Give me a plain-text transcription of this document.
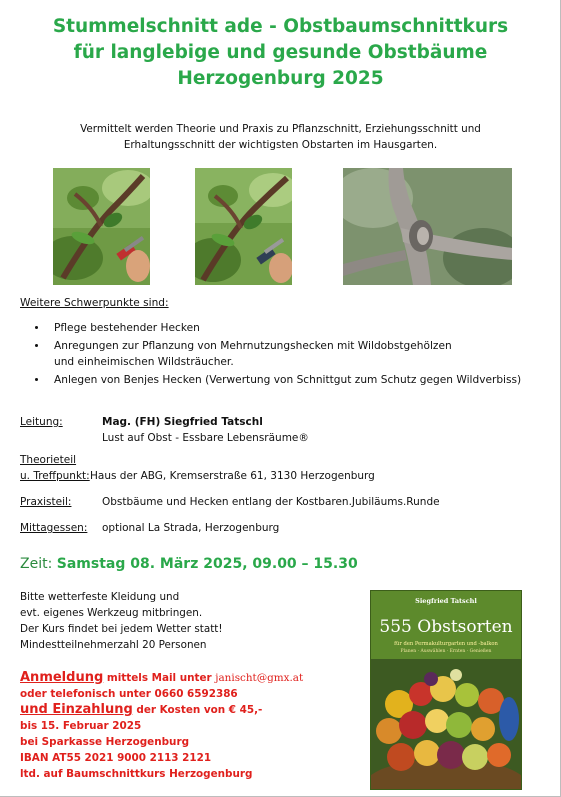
Stummelschnitt ade - Obstbaumschnittkurs
für langlebige und gesunde Obstbäume
Herzogenburg 2025
Vermittelt werden Theorie und Praxis zu Pflanzschnitt, Erziehungsschnitt und
Erhaltungsschnitt der wichtigsten Obstarten im Hausgarten.
Weitere Schwerpunkte sind:
• Pflege bestehender Hecken
• Anregungen zur Pflanzung von Mehrnutzungshecken mit Wildobstgehölzen
und einheimischen Wildsträucher.
• Anlegen von Benjes Hecken (Verwertung von Schnittgut zum Schutz gegen Wildverbiss)
Leitung:	Mag. (FH) Siegfried Tatschl
Lust auf Obst - Essbare Lebensräume®
Theorieteil
u. Treffpunkt: Haus der ABG, Kremserstraße 61, 3130 Herzogenburg
Praxisteil:	Obstbäume und Hecken entlang der Kostbaren.Jubiläums.Runde
Mittagessen: optional La Strada, Herzogenburg
Zeit: Samstag 08. März 2025, 09.00 – 15.30
Bitte wetterfeste Kleidung und
evt. eigenes Werkzeug mitbringen.
Der Kurs findet bei jedem Wetter statt!
Mindestteilnehmerzahl 20 Personen
Anmeldung mittels Mail unter janischt@gmx.at
oder telefonisch unter 0660 6592386
und Einzahlung der Kosten von € 45,-
bis 15. Februar 2025
bei Sparkasse Herzogenburg
IBAN AT55 2021 9000 2113 2121
ltd. auf Baumschnittkurs Herzogenburg
Siegfried Tatschl
555 Obstsorten
für den Permakulturgarten und -balkon
Planen · Auswählen · Ernten · Genießen
